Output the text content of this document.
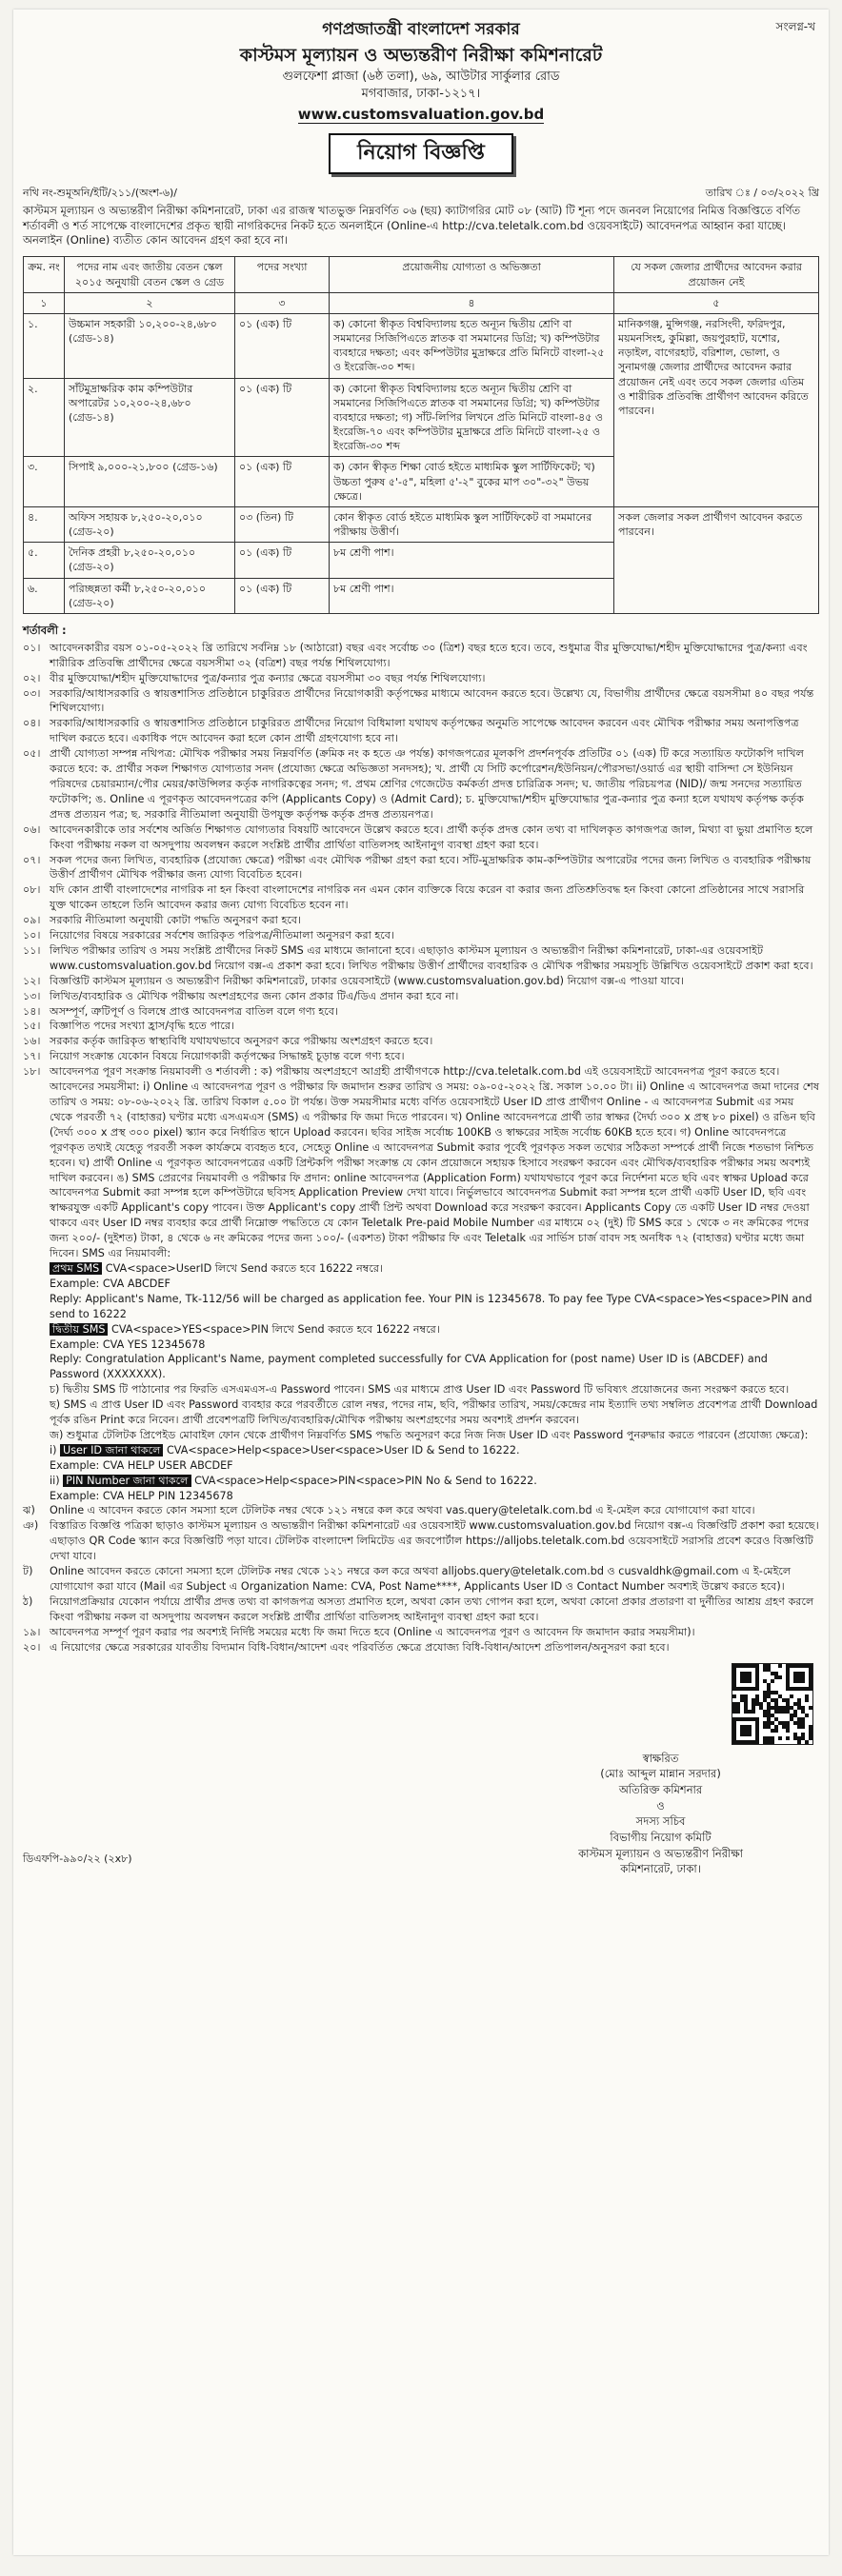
সংলগ্ন-খ
গণপ্রজাতন্ত্রী বাংলাদেশ সরকার
কাস্টমস মূল্যায়ন ও অভ্যন্তরীণ নিরীক্ষা কমিশনারেট
গুলফেশা প্লাজা (৬ষ্ঠ তলা), ৬৯, আউটার সার্কুলার রোড
মগবাজার, ঢাকা-১২১৭।
www.customsvaluation.gov.bd
নিয়োগ বিজ্ঞপ্তি
নথি নং-শুমূঅনি/ইটি/২১১/(অংশ-৬)/	তারিখ ঃ / ০৩/২০২২ খ্রি
কাস্টমস মূল্যায়ন ও অভ্যন্তরীণ নিরীক্ষা কমিশনারেট, ঢাকা এর রাজস্ব খাতভুক্ত নিম্নবর্ণিত ০৬ (ছয়) ক্যাটাগরির মোট ০৮ (আট) টি শূন্য পদে জনবল নিয়োগের নিমিত্ত বিজ্ঞপ্তিতে বর্ণিত শর্তাবলী ও শর্ত সাপেক্ষে বাংলাদেশের প্রকৃত স্থায়ী নাগরিকদের নিকট হতে অনলাইনে (Online-এ http://cva.teletalk.com.bd ওয়েবসাইটে) আবেদনপত্র আহ্বান করা যাচ্ছে। অনলাইন (Online) ব্যতীত কোন আবেদন গ্রহণ করা হবে না।
ক্রম. নং	পদের নাম এবং জাতীয় বেতন স্কেল ২০১৫ অনুযায়ী বেতন স্কেল ও গ্রেড	পদের সংখ্যা	প্রয়োজনীয় যোগ্যতা ও অভিজ্ঞতা	যে সকল জেলার প্রার্থীদের আবেদন করার প্রয়োজন নেই
১	২	৩	৪	৫
১.	উচ্চমান সহকারী ১০,২০০-২৪,৬৮০ (গ্রেড-১৪)	০১ (এক) টি	ক) কোনো স্বীকৃত বিশ্ববিদ্যালয় হতে অন্যূন দ্বিতীয় শ্রেণি বা সমমানের সিজিপিএতে স্নাতক বা সমমানের ডিগ্রি; খ) কম্পিউটার ব্যবহারে দক্ষতা; এবং কম্পিউটার মুদ্রাক্ষরে প্রতি মিনিটে বাংলা-২৫ ও ইংরেজি-৩০ শব্দ।	মানিকগঞ্জ, মুন্সিগঞ্জ, নরসিংদী, ফরিদপুর, ময়মনসিংহ, কুমিল্লা, জয়পুরহাট, যশোর, নড়াইল, বাগেরহাট, বরিশাল, ভোলা, ও সুনামগঞ্জ জেলার প্রার্থীদের আবেদন করার প্রয়োজন নেই এবং তবে সকল জেলার এতিম ও শারীরিক প্রতিবন্ধি প্রার্থীগণ আবেদন করিতে পারবেন।
২.	সাঁটমুদ্রাক্ষরিক কাম কম্পিউটার অপারেটর ১০,২০০-২৪,৬৮০ (গ্রেড-১৪)	০১ (এক) টি	ক) কোনো স্বীকৃত বিশ্ববিদ্যালয় হতে অন্যূন দ্বিতীয় শ্রেণি বা সমমানের সিজিপিএতে স্নাতক বা সমমানের ডিগ্রি; খ) কম্পিউটার ব্যবহারে দক্ষতা; গ) সাঁট-লিপির লিখনে প্রতি মিনিটে বাংলা-৪৫ ও ইংরেজি-৭০ এবং কম্পিউটার মুদ্রাক্ষরে প্রতি মিনিটে বাংলা-২৫ ও ইংরেজি-৩০ শব্দ	
৩.	সিপাই ৯,০০০-২১,৮০০ (গ্রেড-১৬)	০১ (এক) টি	ক) কোন স্বীকৃত শিক্ষা বোর্ড হইতে মাধ্যমিক স্কুল সার্টিফিকেট; খ) উচ্চতা পুরুষ ৫'-৫", মহিলা ৫'-২" বুকের মাপ ৩০"-৩২" উভয় ক্ষেত্রে।	
৪.	অফিস সহায়ক ৮,২৫০-২০,০১০ (গ্রেড-২০)	০৩ (তিন) টি	কোন স্বীকৃত বোর্ড হইতে মাধ্যমিক স্কুল সার্টিফিকেট বা সমমানের পরীক্ষায় উত্তীর্ণ।	সকল জেলার সকল প্রার্থীগণ আবেদন করতে পারবেন।
৫.	দৈনিক প্রহরী ৮,২৫০-২০,০১০ (গ্রেড-২০)	০১ (এক) টি	৮ম শ্রেণী পাশ।	
৬.	পরিচ্ছন্নতা কর্মী ৮,২৫০-২০,০১০ (গ্রেড-২০)	০১ (এক) টি	৮ম শ্রেণী পাশ।	
শর্তাবলী :
০১। আবেদনকারীর বয়স ০১-০৫-২০২২ খ্রি তারিখে সর্বনিম্ন ১৮ (আঠারো) বছর এবং সর্বোচ্চ ৩০ (ত্রিশ) বছর হতে হবে। তবে, শুধুমাত্র বীর মুক্তিযোদ্ধা/শহীদ মুক্তিযোদ্ধাদের পুত্র/কন্যা এবং শারীরিক প্রতিবন্ধি প্রার্থীদের ক্ষেত্রে বয়সসীমা ৩২ (বত্রিশ) বছর পর্যন্ত শিথিলযোগ্য।
০২। বীর মুক্তিযোদ্ধা/শহীদ মুক্তিযোদ্ধাদের পুত্র/কন্যার পুত্র কন্যার ক্ষেত্রে বয়সসীমা ৩০ বছর পর্যন্ত শিথিলযোগ্য।
০৩। সরকারি/আধাসরকারি ও স্বায়ত্তশাসিত প্রতিষ্ঠানে চাকুরিরত প্রার্থীদের নিয়োগকারী কর্তৃপক্ষের মাধ্যমে আবেদন করতে হবে। উল্লেখ্য যে, বিভাগীয় প্রার্থীদের ক্ষেত্রে বয়সসীমা ৪০ বছর পর্যন্ত শিথিলযোগ্য।
০৪। সরকারি/আধাসরকারি ও স্বায়ত্তশাসিত প্রতিষ্ঠানে চাকুরিরত প্রার্থীদের নিয়োগ বিধিমালা যথাযথ কর্তৃপক্ষের অনুমতি সাপেক্ষে আবেদন করবেন এবং মৌখিক পরীক্ষার সময় অনাপত্তিপত্র দাখিল করতে হবে। একাধিক পদে আবেদন করা হলে কোন প্রার্থী গ্রহণযোগ্য হবে না।
০৫। প্রার্থী যোগ্যতা সম্পন্ন নথিপত্র: মৌখিক পরীক্ষার সময় নিম্নবর্ণিত (ক্রমিক নং ক হতে ঞ পর্যন্ত) কাগজপত্রের মূলকপি প্রদর্শনপূর্বক প্রতিটির ০১ (এক) টি করে সত্যায়িত ফটোকপি দাখিল করতে হবে: ক. প্রার্থীর সকল শিক্ষাগত যোগ্যতার সনদ (প্রযোজ্য ক্ষেত্রে অভিজ্ঞতা সনদসহ); খ. প্রার্থী যে সিটি কর্পোরেশন/ইউনিয়ন/পৌরসভা/ওয়ার্ড এর স্থায়ী বাসিন্দা সে ইউনিয়ন পরিষদের চেয়ারম্যান/পৌর মেয়র/কাউন্সিলর কর্তৃক নাগরিকত্বের সনদ; গ. প্রথম শ্রেণির গেজেটেড কর্মকর্তা প্রদত্ত চারিত্রিক সনদ; ঘ. জাতীয় পরিচয়পত্র (NID)/ জন্ম সনদের সত্যায়িত ফটোকপি; ঙ. Online এ পূরণকৃত আবেদনপত্রের কপি (Applicants Copy) ও (Admit Card); চ. মুক্তিযোদ্ধা/শহীদ মুক্তিযোদ্ধার পুত্র-কন্যার পুত্র কন্যা হলে যথাযথ কর্তৃপক্ষ কর্তৃক প্রদত্ত প্রত্যয়ন পত্র; ছ. সরকারি নীতিমালা অনুযায়ী উপযুক্ত কর্তৃপক্ষ কর্তৃক প্রদত্ত প্রত্যয়নপত্র।
০৬। আবেদনকারীকে তার সর্বশেষ অর্জিত শিক্ষাগত যোগ্যতার বিষয়টি আবেদনে উল্লেখ করতে হবে। প্রার্থী কর্তৃক প্রদত্ত কোন তথ্য বা দাখিলকৃত কাগজপত্র জাল, মিথ্যা বা ভুয়া প্রমাণিত হলে কিংবা পরীক্ষায় নকল বা অসদুপায় অবলম্বন করলে সংশ্লিষ্ট প্রার্থীর প্রার্থিতা বাতিলসহ আইনানুগ ব্যবস্থা গ্রহণ করা হবে।
০৭। সকল পদের জন্য লিখিত, ব্যবহারিক (প্রযোজ্য ক্ষেত্রে) পরীক্ষা এবং মৌখিক পরীক্ষা গ্রহণ করা হবে। সাঁট-মুদ্রাক্ষরিক কাম-কম্পিউটার অপারেটর পদের জন্য লিখিত ও ব্যবহারিক পরীক্ষায় উত্তীর্ণ প্রার্থীগণ মৌখিক পরীক্ষার জন্য যোগ্য বিবেচিত হবেন।
০৮। যদি কোন প্রার্থী বাংলাদেশের নাগরিক না হন কিংবা বাংলাদেশের নাগরিক নন এমন কোন ব্যক্তিকে বিয়ে করেন বা করার জন্য প্রতিশ্রুতিবদ্ধ হন কিংবা কোনো প্রতিষ্ঠানের সাথে সরাসরি যুক্ত থাকেন তাহলে তিনি আবেদন করার জন্য যোগ্য বিবেচিত হবেন না।
০৯। সরকারি নীতিমালা অনুযায়ী কোটা পদ্ধতি অনুসরণ করা হবে।
১০। নিয়োগের বিষয়ে সরকারের সর্বশেষ জারিকৃত পরিপত্র/নীতিমালা অনুসরণ করা হবে।
১১। লিখিত পরীক্ষার তারিখ ও সময় সংশ্লিষ্ট প্রার্থীদের নিকট SMS এর মাধ্যমে জানানো হবে। এছাড়াও কাস্টমস মূল্যায়ন ও অভ্যন্তরীণ নিরীক্ষা কমিশনারেট, ঢাকা-এর ওয়েবসাইট www.customsvaluation.gov.bd নিয়োগ বক্স-এ প্রকাশ করা হবে। লিখিত পরীক্ষায় উত্তীর্ণ প্রার্থীদের ব্যবহারিক ও মৌখিক পরীক্ষার সময়সূচি উল্লিখিত ওয়েবসাইটে প্রকাশ করা হবে।
১২। বিজ্ঞপ্তিটি কাস্টমস মূল্যায়ন ও অভ্যন্তরীণ নিরীক্ষা কমিশনারেট, ঢাকার ওয়েবসাইটে (www.customsvaluation.gov.bd) নিয়োগ বক্স-এ পাওয়া যাবে।
১৩। লিখিত/ব্যবহারিক ও মৌখিক পরীক্ষায় অংশগ্রহণের জন্য কোন প্রকার টিএ/ডিএ প্রদান করা হবে না।
১৪। অসম্পূর্ণ, ত্রুটিপূর্ণ ও বিলম্বে প্রাপ্ত আবেদনপত্র বাতিল বলে গণ্য হবে।
১৫। বিজ্ঞাপিত পদের সংখ্যা হ্রাস/বৃদ্ধি হতে পারে।
১৬। সরকার কর্তৃক জারিকৃত স্বাস্থ্যবিধি যথাযথভাবে অনুসরণ করে পরীক্ষায় অংশগ্রহণ করতে হবে।
১৭। নিয়োগ সংক্রান্ত যেকোন বিষয়ে নিয়োগকারী কর্তৃপক্ষের সিদ্ধান্তই চূড়ান্ত বলে গণ্য হবে।
১৮। আবেদনপত্র পূরণ সংক্রান্ত নিয়মাবলী ও শর্তাবলী : ক) পরীক্ষায় অংশগ্রহণে আগ্রহী প্রার্থীগণকে http://cva.teletalk.com.bd এই ওয়েবসাইটে আবেদনপত্র পূরণ করতে হবে। আবেদনের সময়সীমা: i) Online এ আবেদনপত্র পূরণ ও পরীক্ষার ফি জমাদান শুরুর তারিখ ও সময়: ০৯-০৫-২০২২ খ্রি. সকাল ১০.০০ টা। ii) Online এ আবেদনপত্র জমা দানের শেষ তারিখ ও সময়: ০৮-০৬-২০২২ খ্রি. তারিখ বিকাল ৫.০০ টা পর্যন্ত। উক্ত সময়সীমার মধ্যে বর্ণিত ওয়েবসাইটে User ID প্রাপ্ত প্রার্থীগণ Online - এ আবেদনপত্র Submit এর সময় থেকে পরবর্তী ৭২ (বাহাত্তর) ঘণ্টার মধ্যে এসএমএস (SMS) এ পরীক্ষার ফি জমা দিতে পারবেন। খ) Online আবেদনপত্রে প্রার্থী তার স্বাক্ষর (দৈর্ঘ্য ৩০০ x প্রস্থ ৮০ pixel) ও রঙিন ছবি (দৈর্ঘ্য ৩০০ x প্রস্থ ৩০০ pixel) স্ক্যান করে নির্ধারিত স্থানে Upload করবেন। ছবির সাইজ সর্বোচ্চ 100KB ও স্বাক্ষরের সাইজ সর্বোচ্চ 60KB হতে হবে। গ) Online আবেদনপত্রে পূরণকৃত তথ্যই যেহেতু পরবর্তী সকল কার্যক্রমে ব্যবহৃত হবে, সেহেতু Online এ আবেদনপত্র Submit করার পূর্বেই পূরণকৃত সকল তথ্যের সঠিকতা সম্পর্কে প্রার্থী নিজে শতভাগ নিশ্চিত হবেন। ঘ) প্রার্থী Online এ পূরণকৃত আবেদনপত্রের একটি প্রিন্টকপি পরীক্ষা সংক্রান্ত যে কোন প্রয়োজনে সহায়ক হিসাবে সংরক্ষণ করবেন এবং মৌখিক/ব্যবহারিক পরীক্ষার সময় অবশ্যই দাখিল করবেন। ঙ) SMS প্রেরণের নিয়মাবলী ও পরীক্ষার ফি প্রদান: online আবেদনপত্র (Application Form) যথাযথভাবে পূরণ করে নির্দেশনা মতে ছবি এবং স্বাক্ষর Upload করে আবেদনপত্র Submit করা সম্পন্ন হলে কম্পিউটারে ছবিসহ Application Preview দেখা যাবে। নির্ভুলভাবে আবেদনপত্র Submit করা সম্পন্ন হলে প্রার্থী একটি User ID, ছবি এবং স্বাক্ষরযুক্ত একটি Applicant's copy পাবেন। উক্ত Applicant's copy প্রার্থী প্রিন্ট অথবা Download করে সংরক্ষণ করবেন। Applicants Copy তে একটি User ID নম্বর দেওয়া থাকবে এবং User ID নম্বর ব্যবহার করে প্রার্থী নিম্নোক্ত পদ্ধতিতে যে কোন Teletalk Pre-paid Mobile Number এর মাধ্যমে ০২ (দুই) টি SMS করে ১ থেকে ৩ নং ক্রমিকের পদের জন্য ২০০/- (দুইশত) টাকা, ৪ থেকে ৬ নং ক্রমিকের পদের জন্য ১০০/- (একশত) টাকা পরীক্ষার ফি এবং Teletalk এর সার্ভিস চার্জ বাবদ সহ অনধিক ৭২ (বাহাত্তর) ঘণ্টার মধ্যে জমা দিবেন। SMS এর নিয়মাবলী:
প্রথম SMS CVA<space>UserID লিখে Send করতে হবে 16222 নম্বরে।
Example: CVA ABCDEF
Reply: Applicant's Name, Tk-112/56 will be charged as application fee. Your PIN is 12345678. To pay fee Type CVA<space>Yes<space>PIN and send to 16222
দ্বিতীয় SMS CVA<space>YES<space>PIN লিখে Send করতে হবে 16222 নম্বরে।
Example: CVA YES 12345678
Reply: Congratulation Applicant's Name, payment completed successfully for CVA Application for (post name) User ID is (ABCDEF) and Password (XXXXXXX).
চ) দ্বিতীয় SMS টি পাঠানোর পর ফিরতি এসএমএস-এ Password পাবেন। SMS এর মাধ্যমে প্রাপ্ত User ID এবং Password টি ভবিষ্যৎ প্রয়োজনের জন্য সংরক্ষণ করতে হবে।
ছ) SMS এ প্রাপ্ত User ID এবং Password ব্যবহার করে পরবর্তীতে রোল নম্বর, পদের নাম, ছবি, পরীক্ষার তারিখ, সময়/কেন্দ্রের নাম ইত্যাদি তথ্য সম্বলিত প্রবেশপত্র প্রার্থী Download পূর্বক রঙিন Print করে নিবেন। প্রার্থী প্রবেশপত্রটি লিখিত/ব্যবহারিক/মৌখিক পরীক্ষায় অংশগ্রহণের সময় অবশ্যই প্রদর্শন করবেন।
জ) শুধুমাত্র টেলিটক প্রিপেইড মোবাইল ফোন থেকে প্রার্থীগণ নিম্নবর্ণিত SMS পদ্ধতি অনুসরণ করে নিজ নিজ User ID এবং Password পুনরুদ্ধার করতে পারবেন (প্রযোজ্য ক্ষেত্রে):
i) User ID জানা থাকলে CVA<space>Help<space>User<space>User ID & Send to 16222.
Example: CVA HELP USER ABCDEF
ii) PIN Number জানা থাকলে CVA<space>Help<space>PIN<space>PIN No & Send to 16222.
Example: CVA HELP PIN 12345678
ঝ)	Online এ আবেদন করতে কোন সমস্যা হলে টেলিটক নম্বর থেকে ১২১ নম্বরে কল করে অথবা vas.query@teletalk.com.bd এ ই-মেইল করে যোগাযোগ করা যাবে।
ঞ)	বিস্তারিত বিজ্ঞপ্তি পত্রিকা ছাড়াও কাস্টমস মূল্যায়ন ও অভ্যন্তরীণ নিরীক্ষা কমিশনারেট এর ওয়েবসাইট www.customsvaluation.gov.bd নিয়োগ বক্স-এ বিজ্ঞপ্তিটি প্রকাশ করা হয়েছে। এছাড়াও QR Code স্ক্যান করে বিজ্ঞপ্তিটি পড়া যাবে। টেলিটক বাংলাদেশ লিমিটেড এর জবপোর্টাল https://alljobs.teletalk.com.bd ওয়েবসাইটে সরাসরি প্রবেশ করেও বিজ্ঞপ্তিটি দেখা যাবে।
ট)	Online আবেদন করতে কোনো সমস্যা হলে টেলিটক নম্বর থেকে ১২১ নম্বরে কল করে অথবা alljobs.query@teletalk.com.bd ও cusvaldhk@gmail.com এ ই-মেইলে যোগাযোগ করা যাবে (Mail এর Subject এ Organization Name: CVA, Post Name****, Applicants User ID ও Contact Number অবশ্যই উল্লেখ করতে হবে)।
ঠ)	নিয়োগপ্রক্রিয়ার যেকোন পর্যায়ে প্রার্থীর প্রদত্ত তথ্য বা কাগজপত্র অসত্য প্রমাণিত হলে, অথবা কোন তথ্য গোপন করা হলে, অথবা কোনো প্রকার প্রতারণা বা দুর্নীতির আশ্রয় গ্রহণ করলে কিংবা পরীক্ষায় নকল বা অসদুপায় অবলম্বন করলে সংশ্লিষ্ট প্রার্থীর প্রার্থিতা বাতিলসহ আইনানুগ ব্যবস্থা গ্রহণ করা হবে।
১৯। আবেদনপত্র সম্পূর্ণ পূরণ করার পর অবশ্যই নির্দিষ্ট সময়ের মধ্যে ফি জমা দিতে হবে (Online এ আবেদনপত্র পূরণ ও আবেদন ফি জমাদান করার সময়সীমা)।
২০। এ নিয়োগের ক্ষেত্রে সরকারের যাবতীয় বিদ্যমান বিধি-বিধান/আদেশ এবং পরিবর্তিত ক্ষেত্রে প্রযোজ্য বিধি-বিধান/আদেশ প্রতিপালন/অনুসরণ করা হবে।
স্বাক্ষরিত
(মোঃ আব্দুল মান্নান সরদার)
অতিরিক্ত কমিশনার
ও
সদস্য সচিব
বিভাগীয় নিয়োগ কমিটি
কাস্টমস মূল্যায়ন ও অভ্যন্তরীণ নিরীক্ষা
কমিশনারেট, ঢাকা।
ডিএফপি-৯৯০/২২ (২x৮)
